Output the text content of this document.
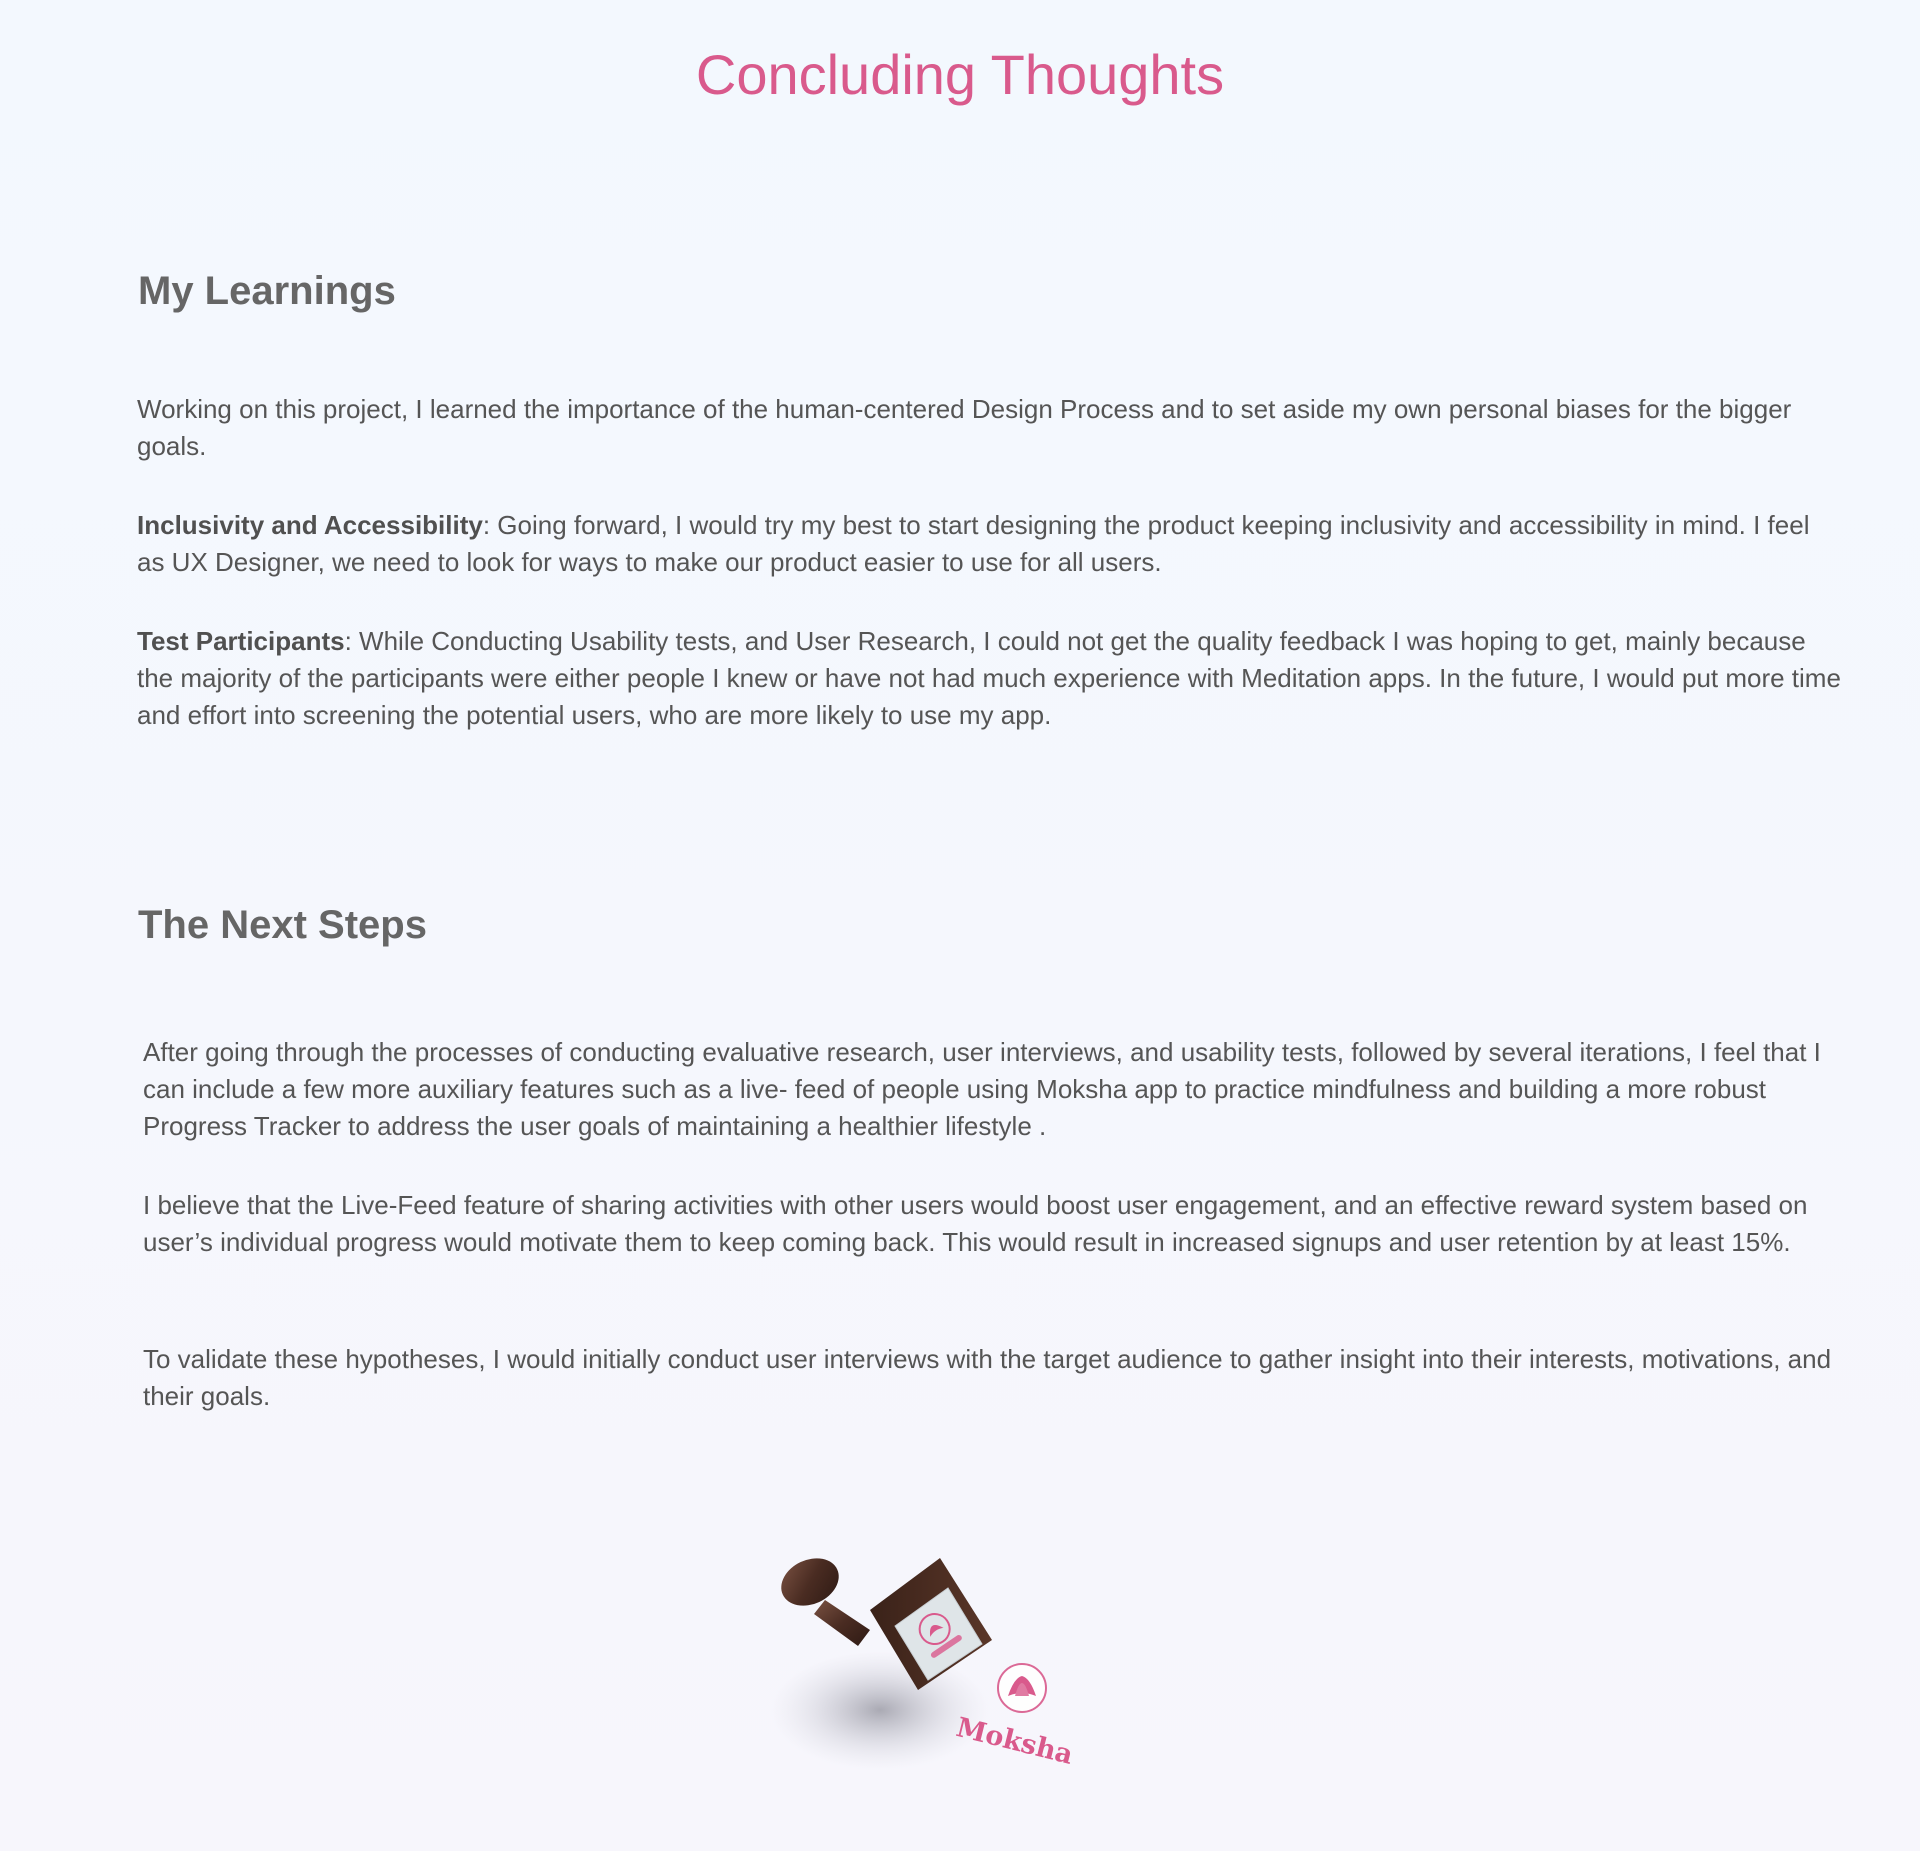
Concluding Thoughts
My Learnings

Working on this project, I learned the importance of the human-centered Design Process and to set aside my own personal biases for the bigger goals.

Inclusivity and Accessibility: Going forward, I would try my best to start designing the product keeping inclusivity and accessibility in mind. I feel as UX Designer, we need to look for ways to make our product easier to use for all users.

Test Participants: While Conducting Usability tests, and User Research, I could not get the quality feedback I was hoping to get, mainly because the majority of the participants were either people I knew or have not had much experience with Meditation apps. In the future, I would put more time and effort into screening the potential users, who are more likely to use my app.

The Next Steps

After going through the processes of conducting evaluative research, user interviews, and usability tests, followed by several iterations, I feel that I can include a few more auxiliary features such as a live- feed of people using Moksha app to practice mindfulness and building a more robust Progress Tracker to address the user goals of maintaining a healthier lifestyle .

I believe that the Live-Feed feature of sharing activities with other users would boost user engagement, and an effective reward system based on user’s individual progress would motivate them to keep coming back. This would result in increased signups and user retention by at least 15%.

To validate these hypotheses, I would initially conduct user interviews with the target audience to gather insight into their interests, motivations, and their goals.

Moksha
